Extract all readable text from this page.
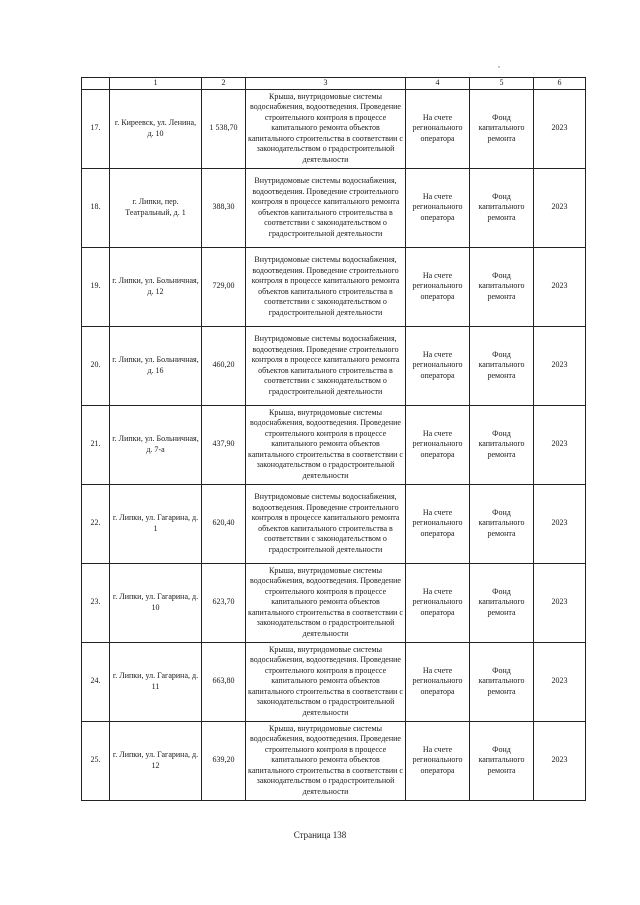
,
	1	2	3	4	5	6
17.	г. Киреевск, ул. Ленина, д. 10	1 538,70	Крыша, внутридомовые системы водоснабжения, водоотведения. Проведение строительного контроля в процессе капитального ремонта объектов капитального строительства в соответствии с законодательством о градостроительной деятельности	На счете регионального оператора	Фонд капитального ремонта	2023
18.	г. Липки, пер. Театральный, д. 1	388,30	Внутридомовые системы водоснабжения, водоотведения. Проведение строительного контроля в процессе капитального ремонта объектов капитального строительства в соответствии с законодательством о градостроительной деятельности	На счете регионального оператора	Фонд капитального ремонта	2023
19.	г. Липки, ул. Больничная, д. 12	729,00	Внутридомовые системы водоснабжения, водоотведения. Проведение строительного контроля в процессе капитального ремонта объектов капитального строительства в соответствии с законодательством о градостроительной деятельности	На счете регионального оператора	Фонд капитального ремонта	2023
20.	г. Липки, ул. Больничная, д. 16	460,20	Внутридомовые системы водоснабжения, водоотведения. Проведение строительного контроля в процессе капитального ремонта объектов капитального строительства в соответствии с законодательством о градостроительной деятельности	На счете регионального оператора	Фонд капитального ремонта	2023
21.	г. Липки, ул. Больничная, д. 7-а	437,90	Крыша, внутридомовые системы водоснабжения, водоотведения. Проведение строительного контроля в процессе капитального ремонта объектов капитального строительства в соответствии с законодательством о градостроительной деятельности	На счете регионального оператора	Фонд капитального ремонта	2023
22.	г. Липки, ул. Гагарина, д. 1	620,40	Внутридомовые системы водоснабжения, водоотведения. Проведение строительного контроля в процессе капитального ремонта объектов капитального строительства в соответствии с законодательством о градостроительной деятельности	На счете регионального оператора	Фонд капитального ремонта	2023
23.	г. Липки, ул. Гагарина, д. 10	623,70	Крыша, внутридомовые системы водоснабжения, водоотведения. Проведение строительного контроля в процессе капитального ремонта объектов капитального строительства в соответствии с законодательством о градостроительной деятельности	На счете регионального оператора	Фонд капитального ремонта	2023
24.	г. Липки, ул. Гагарина, д. 11	663,80	Крыша, внутридомовые системы водоснабжения, водоотведения. Проведение строительного контроля в процессе капитального ремонта объектов капитального строительства в соответствии с законодательством о градостроительной деятельности	На счете регионального оператора	Фонд капитального ремонта	2023
25.	г. Липки, ул. Гагарина, д. 12	639,20	Крыша, внутридомовые системы водоснабжения, водоотведения. Проведение строительного контроля в процессе капитального ремонта объектов капитального строительства в соответствии с законодательством о градостроительной деятельности	На счете регионального оператора	Фонд капитального ремонта	2023
Страница 138
